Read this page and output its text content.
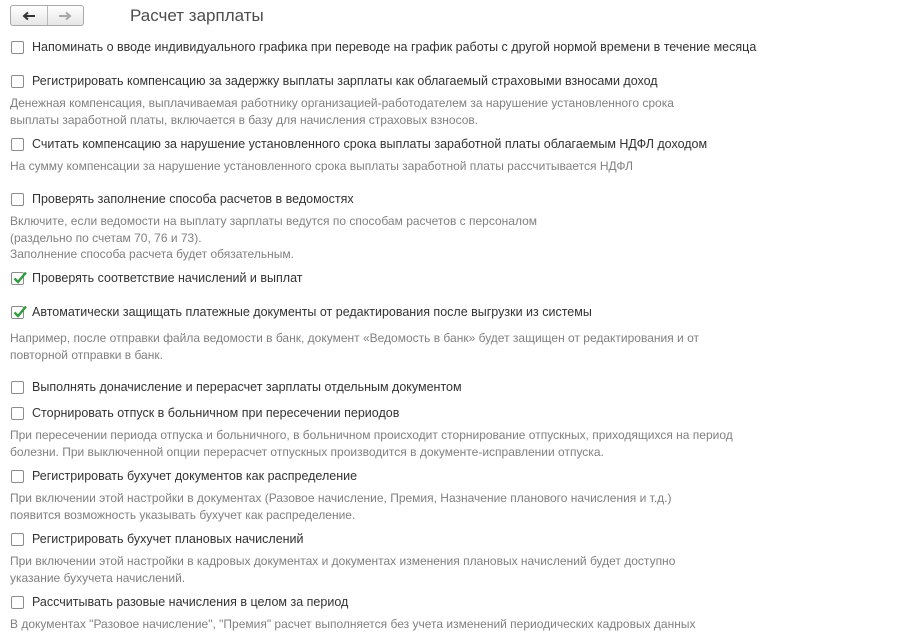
Расчет зарплаты
Напоминать о вводе индивидуального графика при переводе на график работы с другой нормой времени в течение месяца
Регистрировать компенсацию за задержку выплаты зарплаты как облагаемый страховыми взносами доход
Денежная компенсация, выплачиваемая работнику организацией-работодателем за нарушение установленного срока
выплаты заработной платы, включается в базу для начисления страховых взносов.
Считать компенсацию за нарушение установленного срока выплаты заработной платы облагаемым НДФЛ доходом
На сумму компенсации за нарушение установленного срока выплаты заработной платы рассчитывается НДФЛ
Проверять заполнение способа расчетов в ведомостях
Включите, если ведомости на выплату зарплаты ведутся по способам расчетов с персоналом
(раздельно по счетам 70, 76 и 73).
Заполнение способа расчета будет обязательным.
Проверять соответствие начислений и выплат
Автоматически защищать платежные документы от редактирования после выгрузки из системы
Например, после отправки файла ведомости в банк, документ «Ведомость в банк» будет защищен от редактирования и от
повторной отправки в банк.
Выполнять доначисление и перерасчет зарплаты отдельным документом
Сторнировать отпуск в больничном при пересечении периодов
При пересечении периода отпуска и больничного, в больничном происходит сторнирование отпускных, приходящихся на период
болезни. При выключенной опции перерасчет отпускных производится в документе-исправлении отпуска.
Регистрировать бухучет документов как распределение
При включении этой настройки в документах (Разовое начисление, Премия, Назначение планового начисления и т.д.)
появится возможность указывать бухучет как распределение.
Регистрировать бухучет плановых начислений
При включении этой настройки в кадровых документах и документах изменения плановых начислений будет доступно
указание бухучета начислений.
Рассчитывать разовые начисления в целом за период
В документах "Разовое начисление", "Премия" расчет выполняется без учета изменений периодических кадровых данных
